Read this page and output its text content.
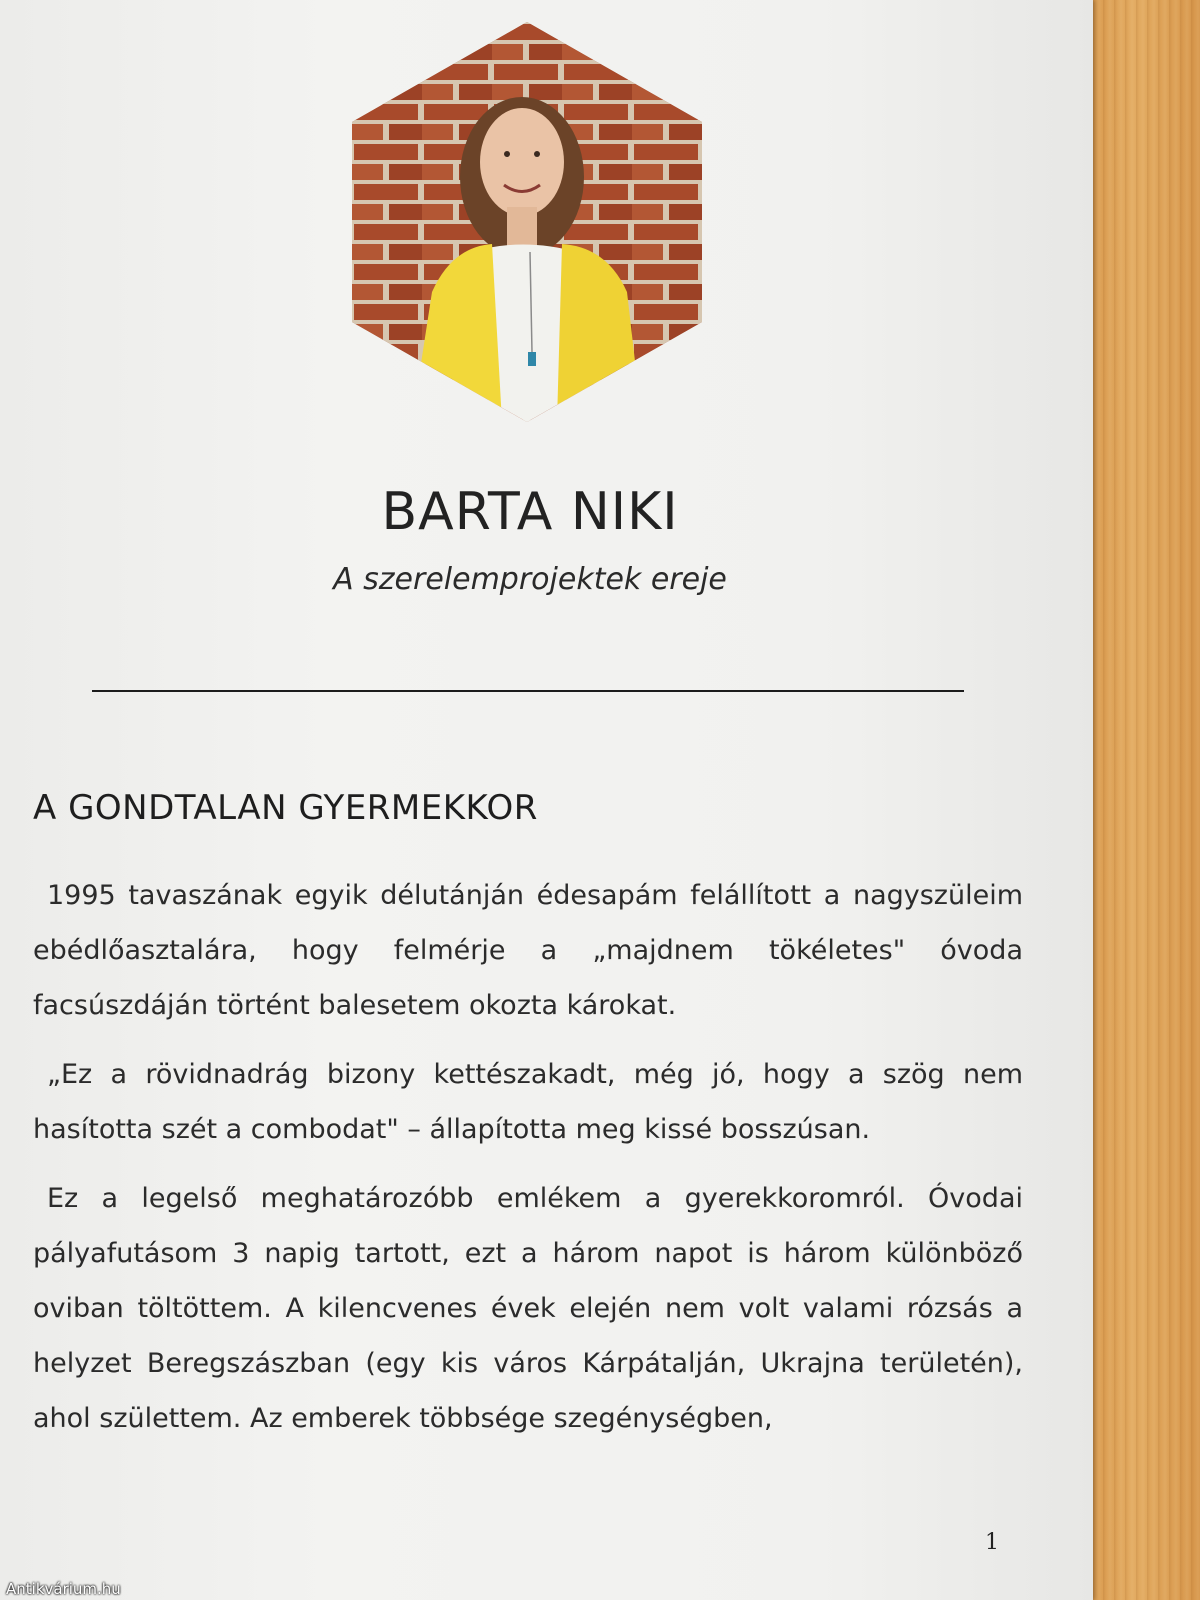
BARTA NIKI
A szerelemprojektek ereje
A GONDTALAN GYERMEKKOR

1995 tavaszának egyik délutánján édesapám felállított a nagyszüleim ebédlőasztalára, hogy felmérje a „majdnem tökéletes" óvoda facsúszdáján történt balesetem okozta károkat.

„Ez a rövidnadrág bizony kettészakadt, még jó, hogy a szög nem hasította szét a combodat" – állapította meg kissé bosszúsan.

Ez a legelső meghatározóbb emlékem a gyerekkoromról. Óvodai pályafutásom 3 napig tartott, ezt a három napot is három különböző oviban töltöttem. A kilencvenes évek elején nem volt valami rózsás a helyzet Beregszászban (egy kis város Kárpátalján, Ukrajna területén), ahol születtem. Az emberek többsége szegénységben,

1
Antikvárium.hu
